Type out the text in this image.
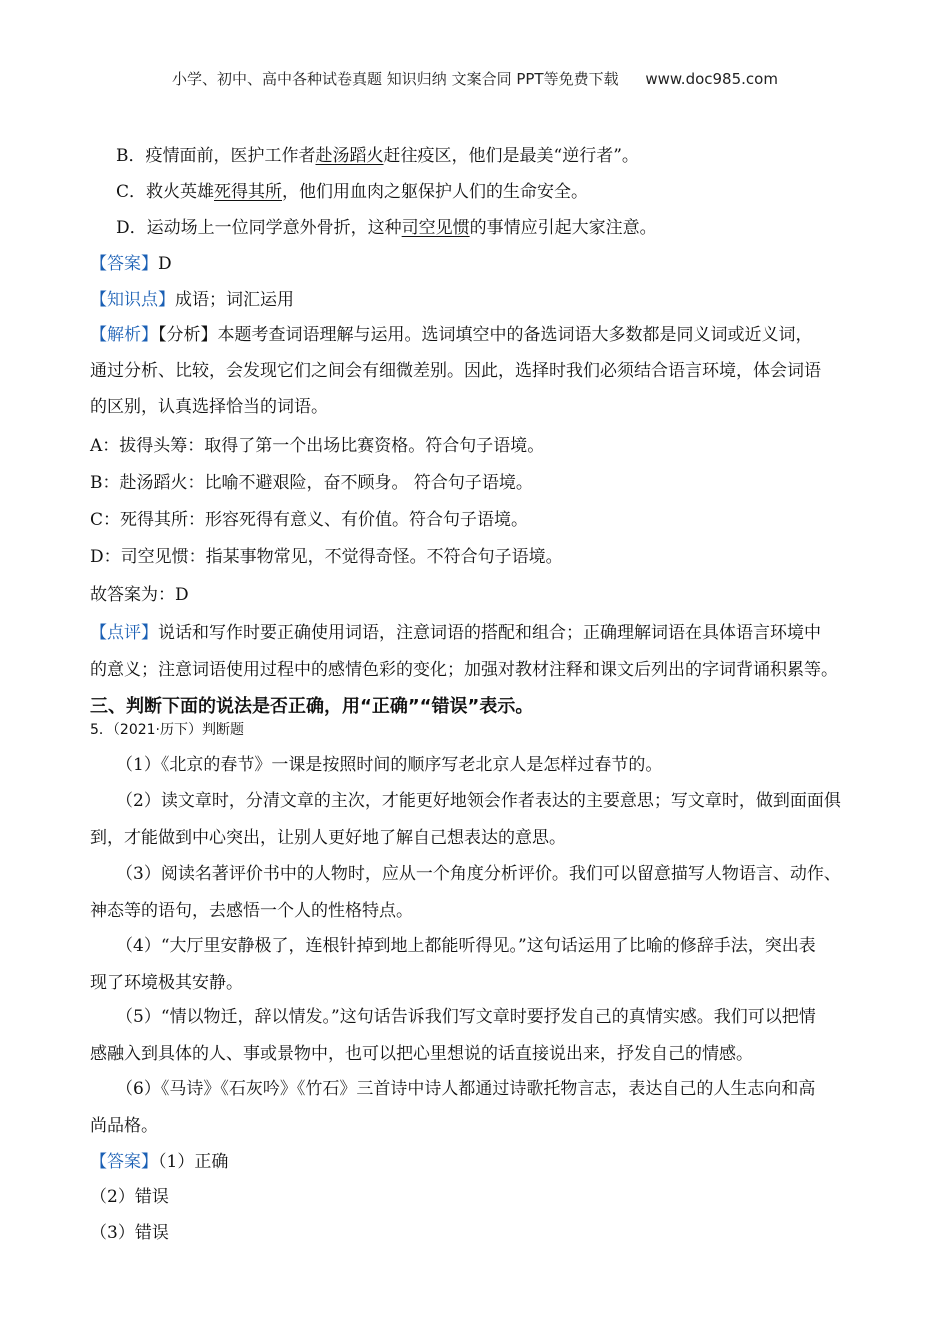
小学、初中、高中各种试卷真题 知识归纳 文案合同 PPT等免费下载 www.doc985.com
B．疫情面前，医护工作者赴汤蹈火赶往疫区，他们是最美“逆行者”。
C．救火英雄死得其所，他们用血肉之躯保护人们的生命安全。
D．运动场上一位同学意外骨折，这种司空见惯的事情应引起大家注意。
【答案】D
【知识点】成语；词汇运用
【解析】【分析】本题考查词语理解与运用。选词填空中的备选词语大多数都是同义词或近义词，
通过分析、比较，会发现它们之间会有细微差别。因此，选择时我们必须结合语言环境，体会词语
的区别，认真选择恰当的词语。
A：拔得头筹：取得了第一个出场比赛资格。符合句子语境。
B：赴汤蹈火：比喻不避艰险，奋不顾身。 符合句子语境。
C：死得其所：形容死得有意义、有价值。符合句子语境。
D：司空见惯：指某事物常见，不觉得奇怪。不符合句子语境。
故答案为：D
【点评】说话和写作时要正确使用词语，注意词语的搭配和组合；正确理解词语在具体语言环境中
的意义；注意词语使用过程中的感情色彩的变化；加强对教材注释和课文后列出的字词背诵积累等。
三、判断下面的说法是否正确，用“正确”“错误”表示。
5．（2021·历下）判断题
（1）《北京的春节》一课是按照时间的顺序写老北京人是怎样过春节的。
（2）读文章时，分清文章的主次，才能更好地领会作者表达的主要意思；写文章时，做到面面俱
到，才能做到中心突出，让别人更好地了解自己想表达的意思。
（3）阅读名著评价书中的人物时，应从一个角度分析评价。我们可以留意描写人物语言、动作、
神态等的语句，去感悟一个人的性格特点。
（4）“大厅里安静极了，连根针掉到地上都能听得见。”这句话运用了比喻的修辞手法，突出表
现了环境极其安静。
（5）“情以物迁，辞以情发。”这句话告诉我们写文章时要抒发自己的真情实感。我们可以把情
感融入到具体的人、事或景物中，也可以把心里想说的话直接说出来，抒发自己的情感。
（6）《马诗》《石灰吟》《竹石》三首诗中诗人都通过诗歌托物言志，表达自己的人生志向和高
尚品格。
【答案】（1）正确
（2）错误
（3）错误
